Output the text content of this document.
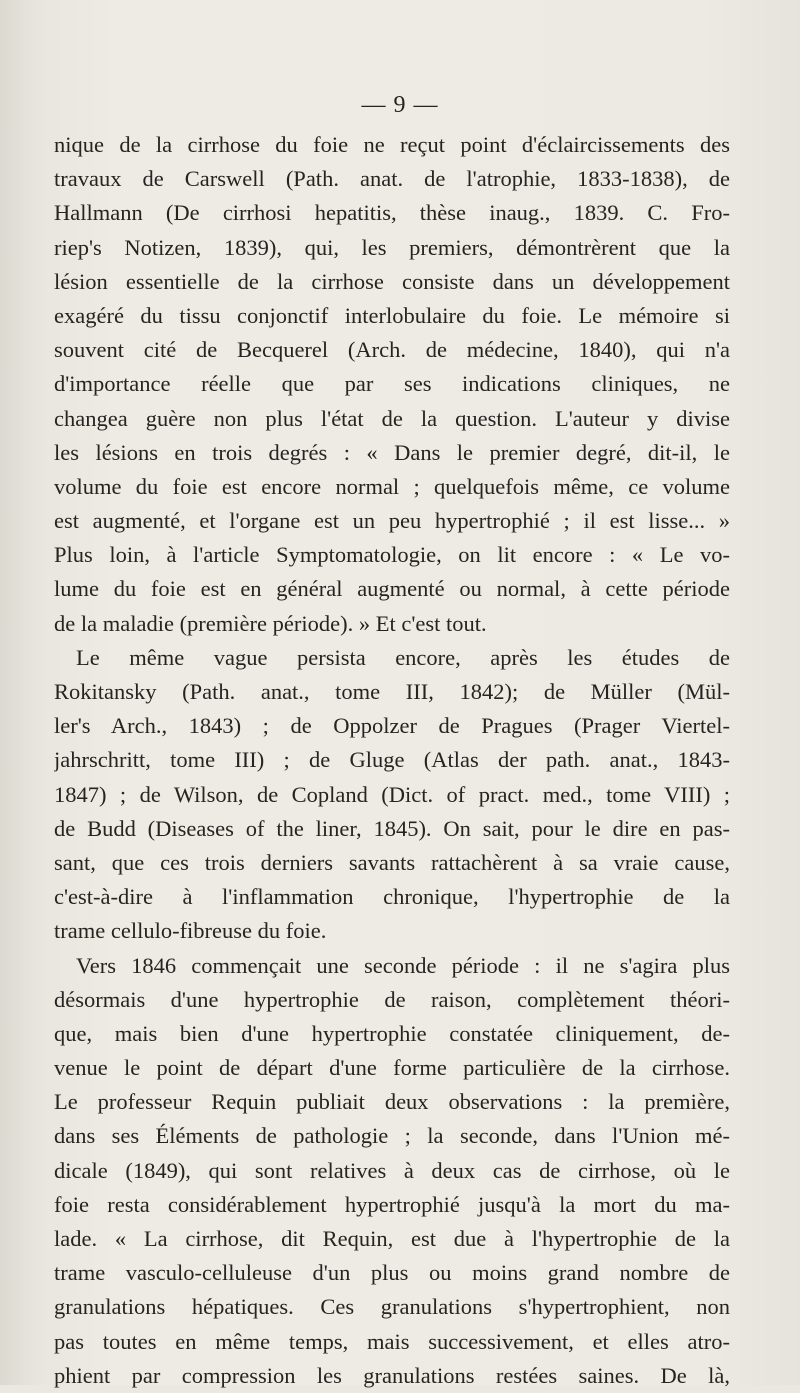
— 9 —
nique de la cirrhose du foie ne reçut point d'éclaircissements des
travaux de Carswell (Path. anat. de l'atrophie, 1833-1838), de
Hallmann (De cirrhosi hepatitis, thèse inaug., 1839. C. Fro-
riep's Notizen, 1839), qui, les premiers, démontrèrent que la
lésion essentielle de la cirrhose consiste dans un développement
exagéré du tissu conjonctif interlobulaire du foie. Le mémoire si
souvent cité de Becquerel (Arch. de médecine, 1840), qui n'a
d'importance réelle que par ses indications cliniques, ne
changea guère non plus l'état de la question. L'auteur y divise
les lésions en trois degrés : « Dans le premier degré, dit-il, le
volume du foie est encore normal ; quelquefois même, ce volume
est augmenté, et l'organe est un peu hypertrophié ; il est lisse... »
Plus loin, à l'article Symptomatologie, on lit encore : « Le vo-
lume du foie est en général augmenté ou normal, à cette période
de la maladie (première période). » Et c'est tout.
Le même vague persista encore, après les études de
Rokitansky (Path. anat., tome III, 1842); de Müller (Mül-
ler's Arch., 1843) ; de Oppolzer de Pragues (Prager Viertel-
jahrschritt, tome III) ; de Gluge (Atlas der path. anat., 1843-
1847) ; de Wilson, de Copland (Dict. of pract. med., tome VIII) ;
de Budd (Diseases of the liner, 1845). On sait, pour le dire en pas-
sant, que ces trois derniers savants rattachèrent à sa vraie cause,
c'est-à-dire à l'inflammation chronique, l'hypertrophie de la
trame cellulo-fibreuse du foie.
Vers 1846 commençait une seconde période : il ne s'agira plus
désormais d'une hypertrophie de raison, complètement théori-
que, mais bien d'une hypertrophie constatée cliniquement, de-
venue le point de départ d'une forme particulière de la cirrhose.
Le professeur Requin publiait deux observations : la première,
dans ses Éléments de pathologie ; la seconde, dans l'Union mé-
dicale (1849), qui sont relatives à deux cas de cirrhose, où le
foie resta considérablement hypertrophié jusqu'à la mort du ma-
lade. « La cirrhose, dit Requin, est due à l'hypertrophie de la
trame vasculo-celluleuse d'un plus ou moins grand nombre de
granulations hépatiques. Ces granulations s'hypertrophient, non
pas toutes en même temps, mais successivement, et elles atro-
phient par compression les granulations restées saines. De là,
